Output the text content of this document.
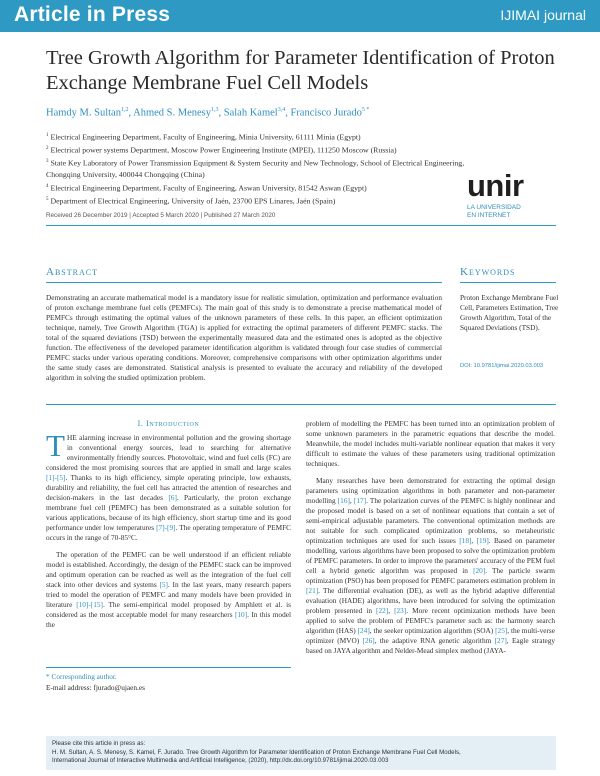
Article in Press	IJIMAI journal
Tree Growth Algorithm for Parameter Identification of Proton Exchange Membrane Fuel Cell Models
Hamdy M. Sultan$^{1,2}$, Ahmed S. Menesy$^{1,3}$, Salah Kamel$^{3,4}$, Francisco Jurado$^{5 *}$
$^1$ Electrical Engineering Department, Faculty of Engineering, Minia University, 61111 Minia (Egypt)
$^2$ Electrical power systems Department, Moscow Power Engineering Institute (MPEI), 111250 Moscow (Russia)
$^3$ State Key Laboratory of Power Transmission Equipment & System Security and New Technology, School of Electrical Engineering, Chongqing University, 400044 Chongqing (China)
$^4$ Electrical Engineering Department, Faculty of Engineering, Aswan University, 81542 Aswan (Egypt)
$^5$ Department of Electrical Engineering, University of Jaén, 23700 EPS Linares, Jaén (Spain)
Received 26 December 2019 | Accepted 5 March 2020 | Published 27 March 2020
unir
LA UNIVERSIDAD
EN INTERNET
Abstract
Demonstrating an accurate mathematical model is a mandatory issue for realistic simulation, optimization and performance evaluation of proton exchange membrane fuel cells (PEMFCs). The main goal of this study is to demonstrate a precise mathematical model of PEMFCs through estimating the optimal values of the unknown parameters of these cells. In this paper, an efficient optimization technique, namely, Tree Growth Algorithm (TGA) is applied for extracting the optimal parameters of different PEMFC stacks. The total of the squared deviations (TSD) between the experimentally measured data and the estimated ones is adopted as the objective function. The effectiveness of the developed parameter identification algorithm is validated through four case studies of commercial PEMFC stacks under various operating conditions. Moreover, comprehensive comparisons with other optimization algorithms under the same study cases are demonstrated. Statistical analysis is presented to evaluate the accuracy and reliability of the developed algorithm in solving the studied optimization problem.
Keywords
Proton Exchange Membrane Fuel Cell, Parameters Estimation, Tree Growth Algorithm, Total of the Squared Deviations (TSD).
DOI: 10.9781/ijimai.2020.03.003
I. Introduction

THE alarming increase in environmental pollution and the growing shortage in conventional energy sources, lead to searching for alternative environmentally friendly sources. Photovoltaic, wind and fuel cells (FC) are considered the most promising sources that are applied in small and large scales [1]-[5]. Thanks to its high efficiency, simple operating principle, low exhausts, durability and reliability, the fuel cell has attracted the attention of researches and decision-makers in the last decades [6]. Particularly, the proton exchange membrane fuel cell (PEMFC) has been demonstrated as a suitable solution for various applications, because of its high efficiency, short startup time and its good performance under low temperatures [7]-[9]. The operating temperature of PEMFC occurs in the range of 70-85°C.

The operation of the PEMFC can be well understood if an efficient reliable model is established. Accordingly, the design of the PEMFC stack can be improved and optimum operation can be reached as well as the integration of the fuel cell stack into other devices and systems [5]. In the last years, many research papers tried to model the operation of PEMFC and many models have been provided in literature [10]-[15]. The semi-empirical model proposed by Amphlett et al. is considered as the most acceptable model for many researchers [10]. In this model the

problem of modelling the PEMFC has been turned into an optimization problem of some unknown parameters in the parametric equations that describe the model. Meanwhile, the model includes multi-variable nonlinear equation that makes it very difficult to estimate the values of these parameters using traditional optimization techniques.

Many researches have been demonstrated for extracting the optimal design parameters using optimization algorithms in both parameter and non-parameter modelling [16], [17]. The polarization curves of the PEMFC is highly nonlinear and the proposed model is based on a set of nonlinear equations that contain a set of semi-empirical adjustable parameters. The conventional optimization methods are not suitable for such complicated optimization problems, so metaheuristic optimization techniques are used for such issues [18], [19]. Based on parameter modelling, various algorithms have been proposed to solve the optimization problem of PEMFC parameters. In order to improve the parameters' accuracy of the PEM fuel cell a hybrid genetic algorithm was proposed in [20]. The particle swarm optimization (PSO) has been proposed for PEMFC parameters estimation problem in [21]. The differential evaluation (DE), as well as the hybrid adaptive differential evaluation (HADE) algorithms, have been introduced for solving the optimization problem presented in [22], [23]. More recent optimization methods have been applied to solve the problem of PEMFC's parameter such as: the harmony search algorithm (HAS) [24], the seeker optimization algorithm (SOA) [25], the multi-verse optimizer (MVO) [26], the adaptive RNA genetic algorithm [27], Eagle strategy based on JAYA algorithm and Nelder-Mead simplex method (JAYA-

* Corresponding author.
E-mail address: fjurado@ujaen.es
Please cite this article in press as:
H. M. Sultan, A. S. Menesy, S. Kamel, F. Jurado. Tree Growth Algorithm for Parameter Identification of Proton Exchange Membrane Fuel Cell Models,
International Journal of Interactive Multimedia and Artificial Intelligence, (2020), http://dx.doi.org/10.9781/ijimai.2020.03.003
